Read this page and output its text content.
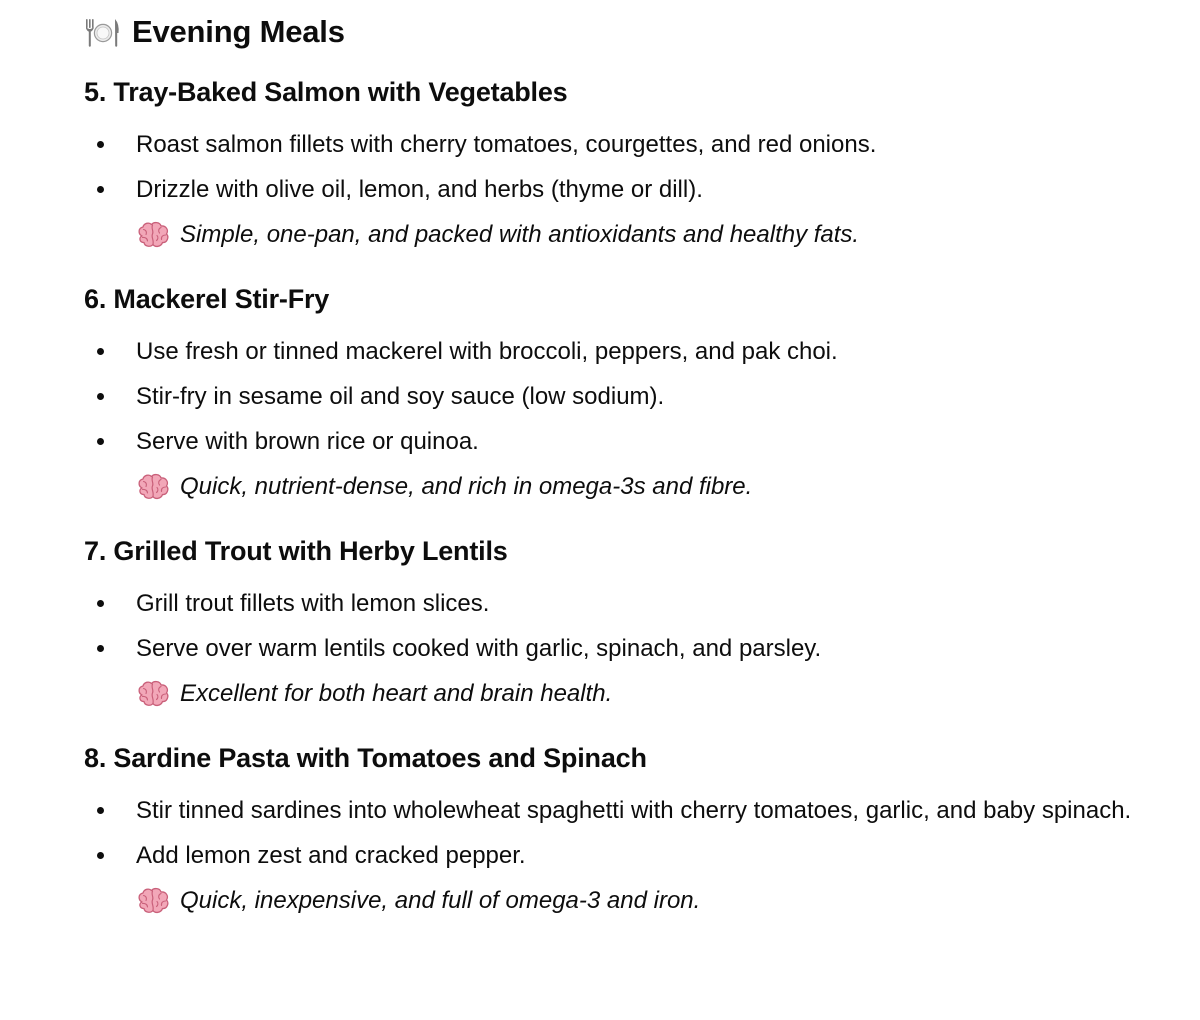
Evening Meals
5. Tray-Baked Salmon with Vegetables
Roast salmon fillets with cherry tomatoes, courgettes, and red onions.
Drizzle with olive oil, lemon, and herbs (thyme or dill).
Simple, one-pan, and packed with antioxidants and healthy fats.
6. Mackerel Stir-Fry
Use fresh or tinned mackerel with broccoli, peppers, and pak choi.
Stir-fry in sesame oil and soy sauce (low sodium).
Serve with brown rice or quinoa.
Quick, nutrient-dense, and rich in omega-3s and fibre.
7. Grilled Trout with Herby Lentils
Grill trout fillets with lemon slices.
Serve over warm lentils cooked with garlic, spinach, and parsley.
Excellent for both heart and brain health.
8. Sardine Pasta with Tomatoes and Spinach
Stir tinned sardines into wholewheat spaghetti with cherry tomatoes, garlic, and baby spinach.
Add lemon zest and cracked pepper.
Quick, inexpensive, and full of omega-3 and iron.
